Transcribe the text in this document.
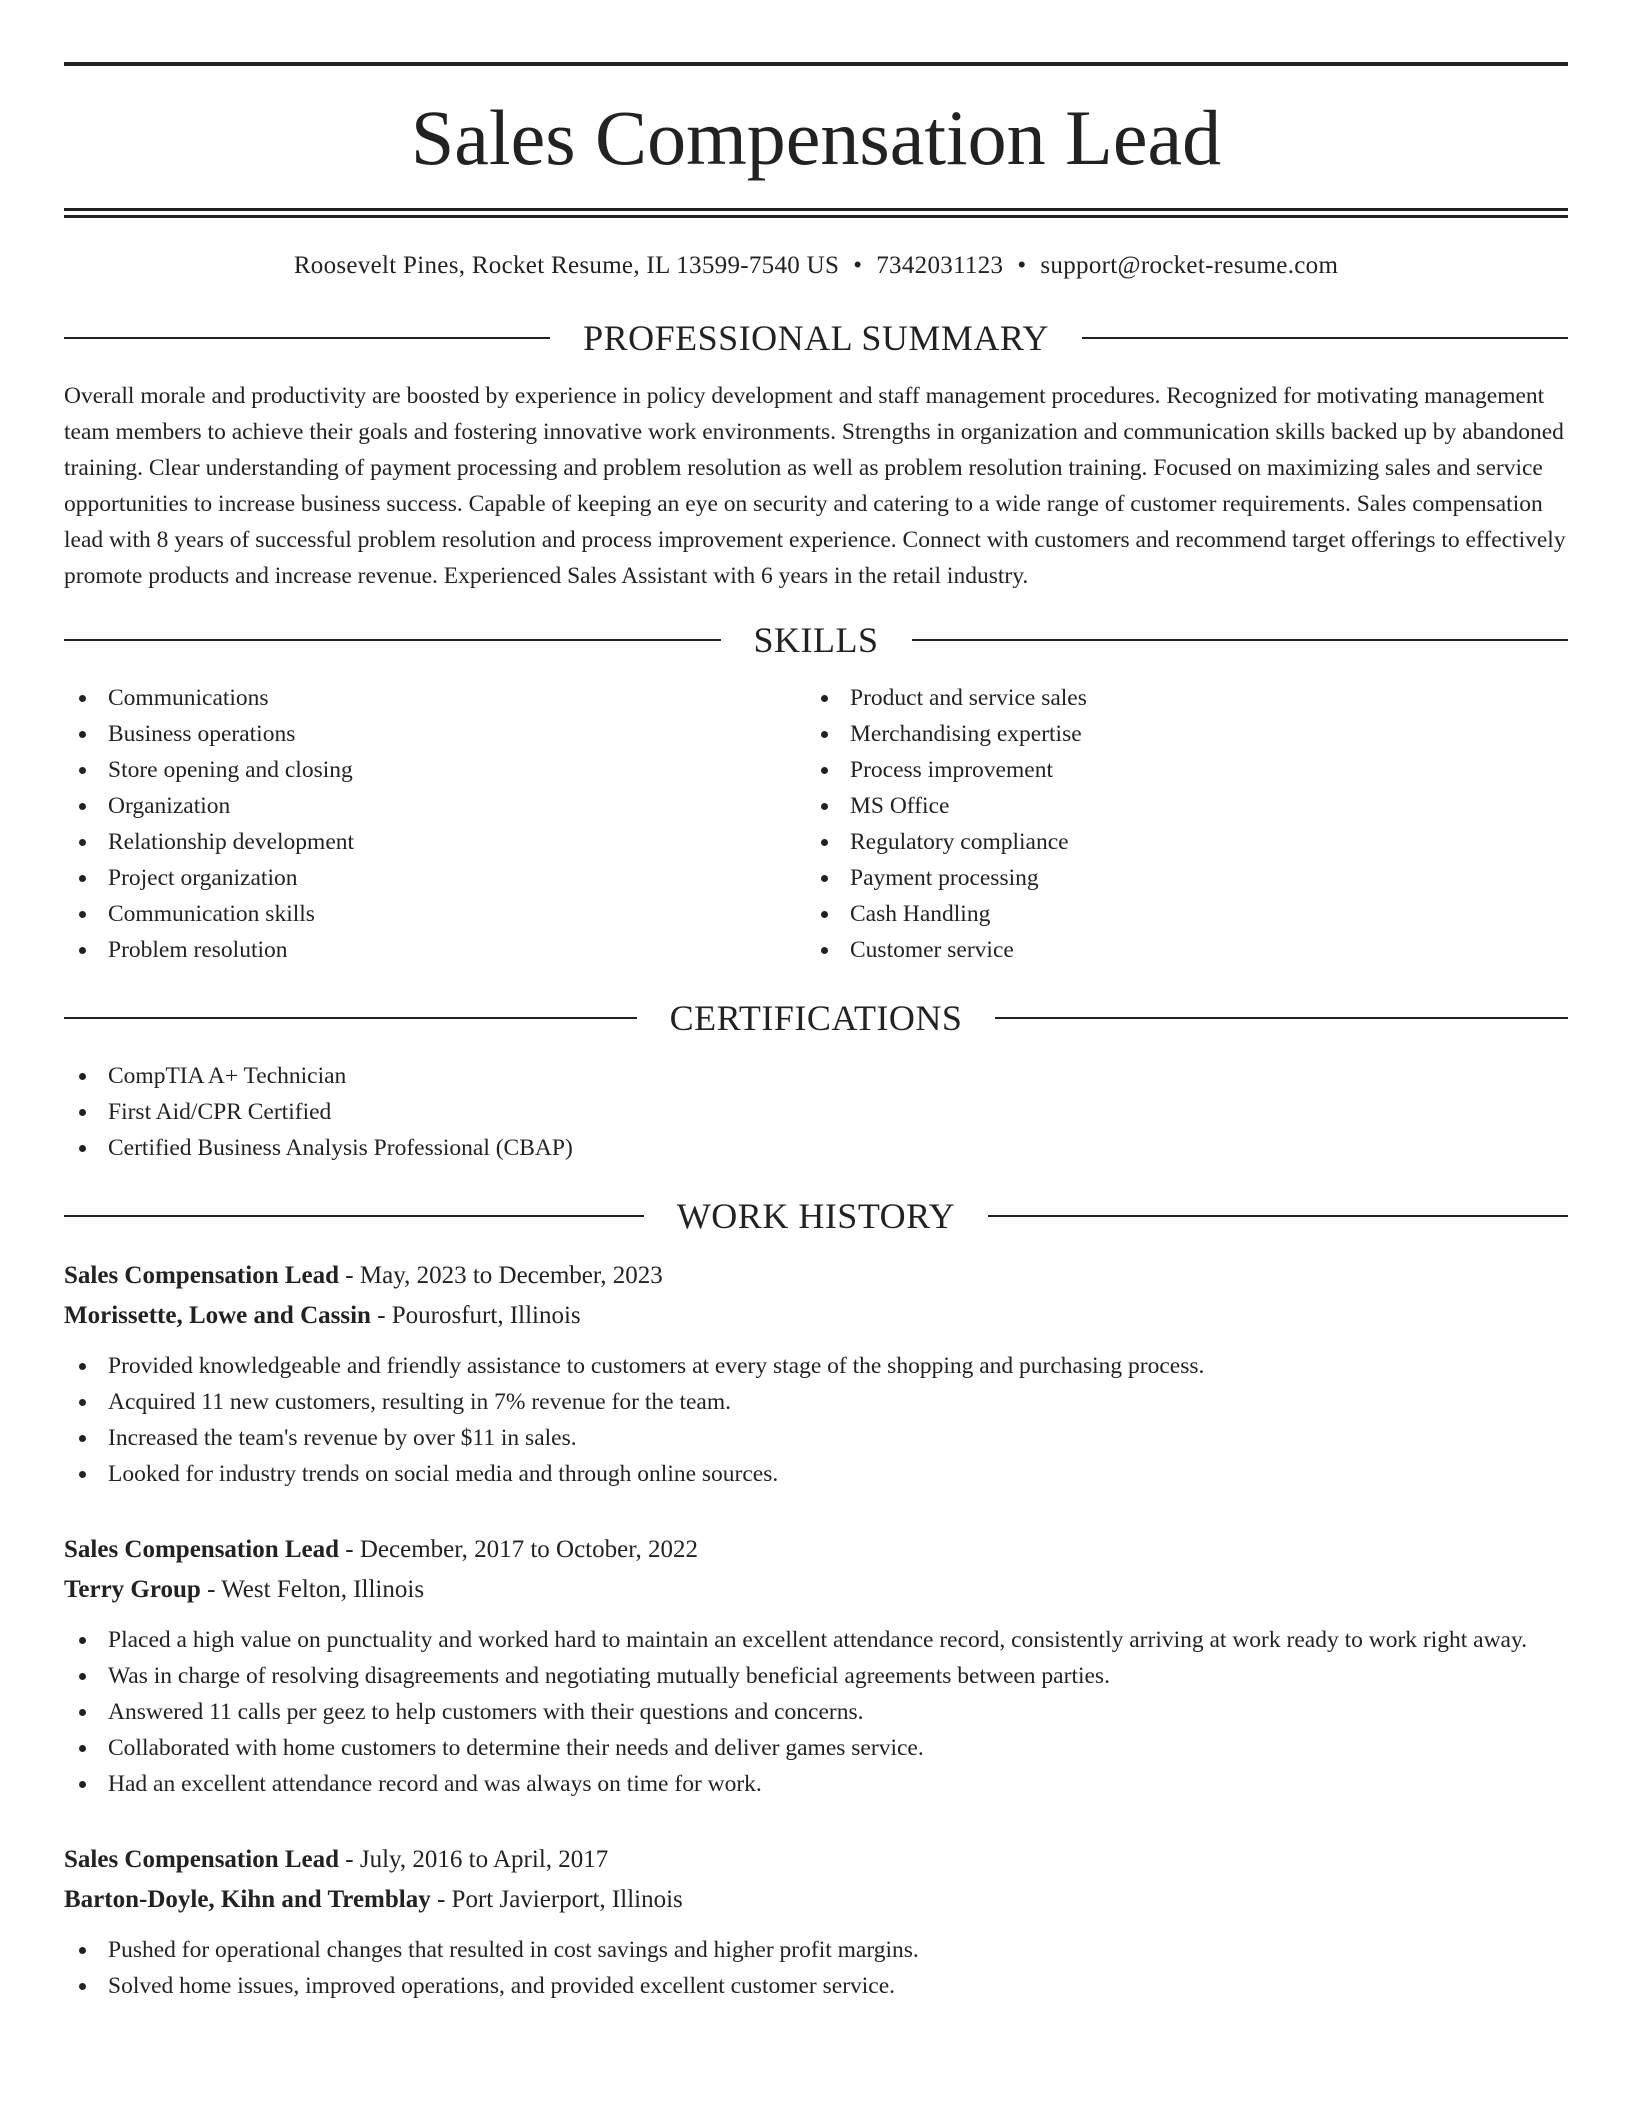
Sales Compensation Lead
Roosevelt Pines, Rocket Resume, IL 13599-7540 US • 7342031123 • support@rocket-resume.com
PROFESSIONAL SUMMARY

Overall morale and productivity are boosted by experience in policy development and staff management procedures. Recognized for motivating management team members to achieve their goals and fostering innovative work environments. Strengths in organization and communication skills backed up by abandoned training. Clear understanding of payment processing and problem resolution as well as problem resolution training. Focused on maximizing sales and service opportunities to increase business success. Capable of keeping an eye on security and catering to a wide range of customer requirements. Sales compensation lead with 8 years of successful problem resolution and process improvement experience. Connect with customers and recommend target offerings to effectively promote products and increase revenue. Experienced Sales Assistant with 6 years in the retail industry.

SKILLS
Communications
Business operations
Store opening and closing
Organization
Relationship development
Project organization
Communication skills
Problem resolution
Product and service sales
Merchandising expertise
Process improvement
MS Office
Regulatory compliance
Payment processing
Cash Handling
Customer service
CERTIFICATIONS
CompTIA A+ Technician
First Aid/CPR Certified
Certified Business Analysis Professional (CBAP)
WORK HISTORY
Sales Compensation Lead - May, 2023 to December, 2023
Morissette, Lowe and Cassin - Pourosfurt, Illinois
Provided knowledgeable and friendly assistance to customers at every stage of the shopping and purchasing process.
Acquired 11 new customers, resulting in 7% revenue for the team.
Increased the team's revenue by over $11 in sales.
Looked for industry trends on social media and through online sources.
Sales Compensation Lead - December, 2017 to October, 2022
Terry Group - West Felton, Illinois
Placed a high value on punctuality and worked hard to maintain an excellent attendance record, consistently arriving at work ready to work right away.
Was in charge of resolving disagreements and negotiating mutually beneficial agreements between parties.
Answered 11 calls per geez to help customers with their questions and concerns.
Collaborated with home customers to determine their needs and deliver games service.
Had an excellent attendance record and was always on time for work.
Sales Compensation Lead - July, 2016 to April, 2017
Barton-Doyle, Kihn and Tremblay - Port Javierport, Illinois
Pushed for operational changes that resulted in cost savings and higher profit margins.
Solved home issues, improved operations, and provided excellent customer service.
